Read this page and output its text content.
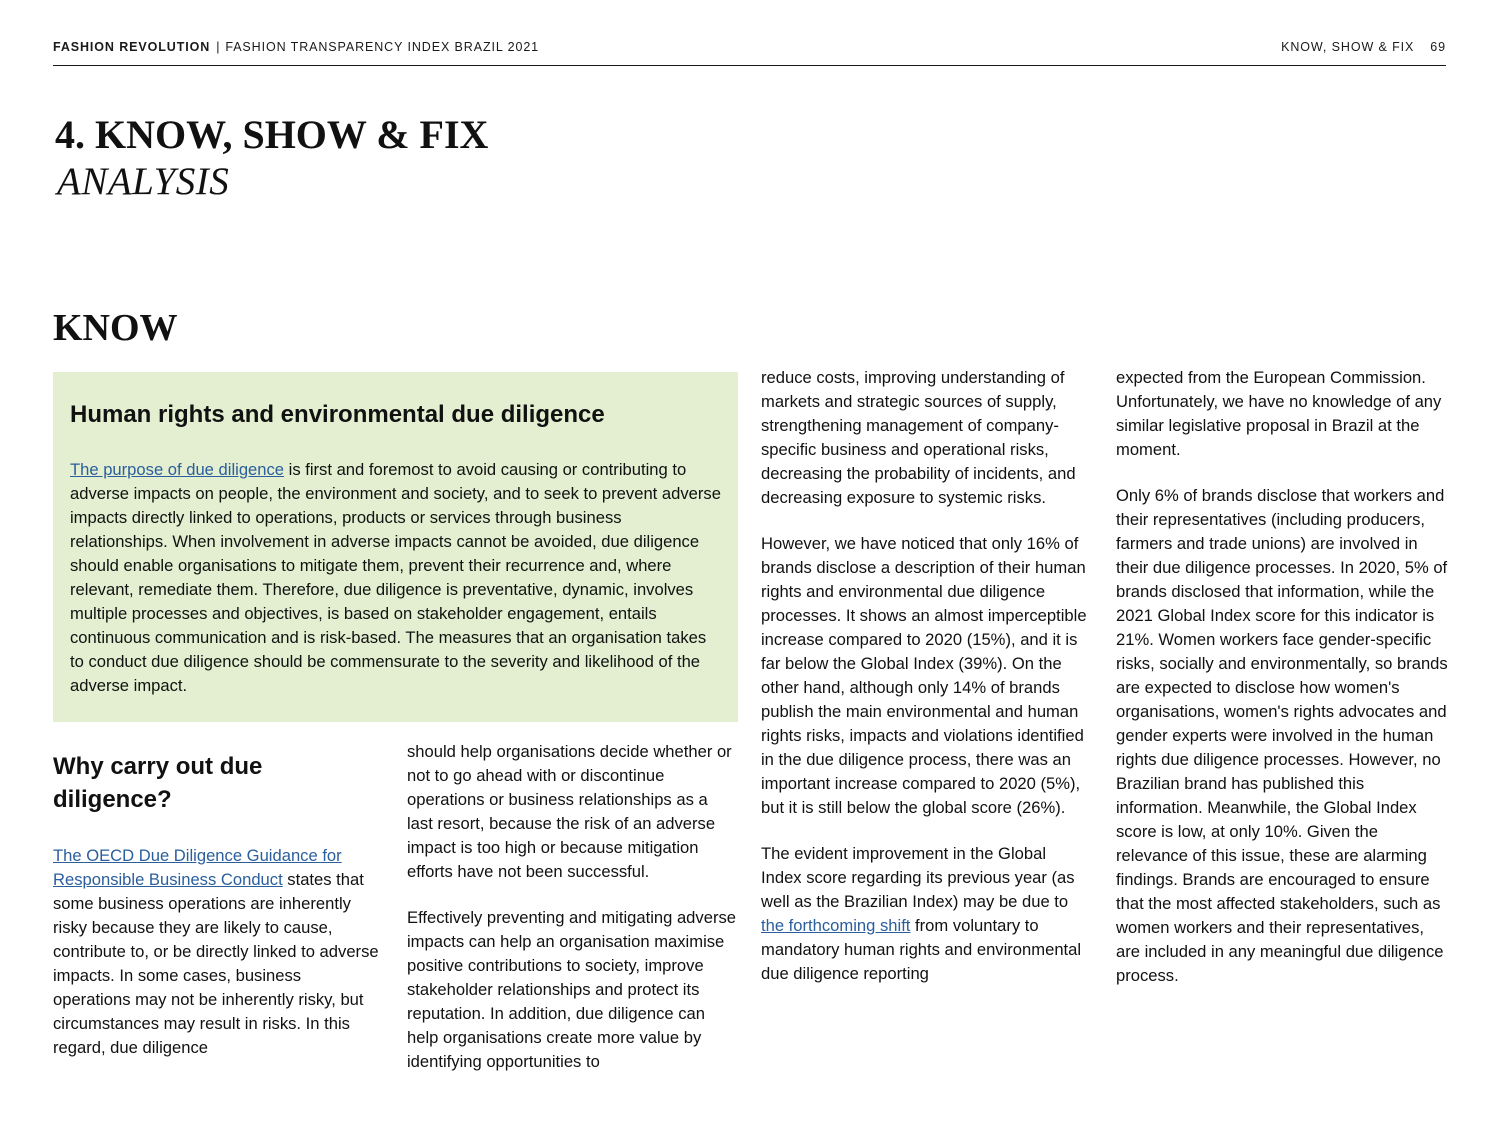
FASHION REVOLUTION | FASHION TRANSPARENCY INDEX BRAZIL 2021	KNOW, SHOW & FIX 69
4. KNOW, SHOW & FIX
ANALYSIS
KNOW
Human rights and environmental due diligence

The purpose of due diligence is first and foremost to avoid causing or contributing to adverse impacts on people, the environment and society, and to seek to prevent adverse impacts directly linked to operations, products or services through business relationships. When involvement in adverse impacts cannot be avoided, due diligence should enable organisations to mitigate them, prevent their recurrence and, where relevant, remediate them. Therefore, due diligence is preventative, dynamic, involves multiple processes and objectives, is based on stakeholder engagement, entails continuous communication and is risk-based. The measures that an organisation takes to conduct due diligence should be commensurate to the severity and likelihood of the adverse impact.

Why carry out due diligence?

The OECD Due Diligence Guidance for Responsible Business Conduct states that some business operations are inherently risky because they are likely to cause, contribute to, or be directly linked to adverse impacts. In some cases, business operations may not be inherently risky, but circumstances may result in risks. In this regard, due diligence

should help organisations decide whether or not to go ahead with or discontinue operations or business relationships as a last resort, because the risk of an adverse impact is too high or because mitigation efforts have not been successful.

Effectively preventing and mitigating adverse impacts can help an organisation maximise positive contributions to society, improve stakeholder relationships and protect its reputation. In addition, due diligence can help organisations create more value by identifying opportunities to

reduce costs, improving understanding of markets and strategic sources of supply, strengthening management of company-specific business and operational risks, decreasing the probability of incidents, and decreasing exposure to systemic risks.

However, we have noticed that only 16% of brands disclose a description of their human rights and environmental due diligence processes. It shows an almost imperceptible increase compared to 2020 (15%), and it is far below the Global Index (39%). On the other hand, although only 14% of brands publish the main environmental and human rights risks, impacts and violations identified in the due diligence process, there was an important increase compared to 2020 (5%), but it is still below the global score (26%).

The evident improvement in the Global Index score regarding its previous year (as well as the Brazilian Index) may be due to the forthcoming shift from voluntary to mandatory human rights and environmental due diligence reporting

expected from the European Commission. Unfortunately, we have no knowledge of any similar legislative proposal in Brazil at the moment.

Only 6% of brands disclose that workers and their representatives (including producers, farmers and trade unions) are involved in their due diligence processes. In 2020, 5% of brands disclosed that information, while the 2021 Global Index score for this indicator is 21%. Women workers face gender-specific risks, socially and environmentally, so brands are expected to disclose how women's organisations, women's rights advocates and gender experts were involved in the human rights due diligence processes. However, no Brazilian brand has published this information. Meanwhile, the Global Index score is low, at only 10%. Given the relevance of this issue, these are alarming findings. Brands are encouraged to ensure that the most affected stakeholders, such as women workers and their representatives, are included in any meaningful due diligence process.
